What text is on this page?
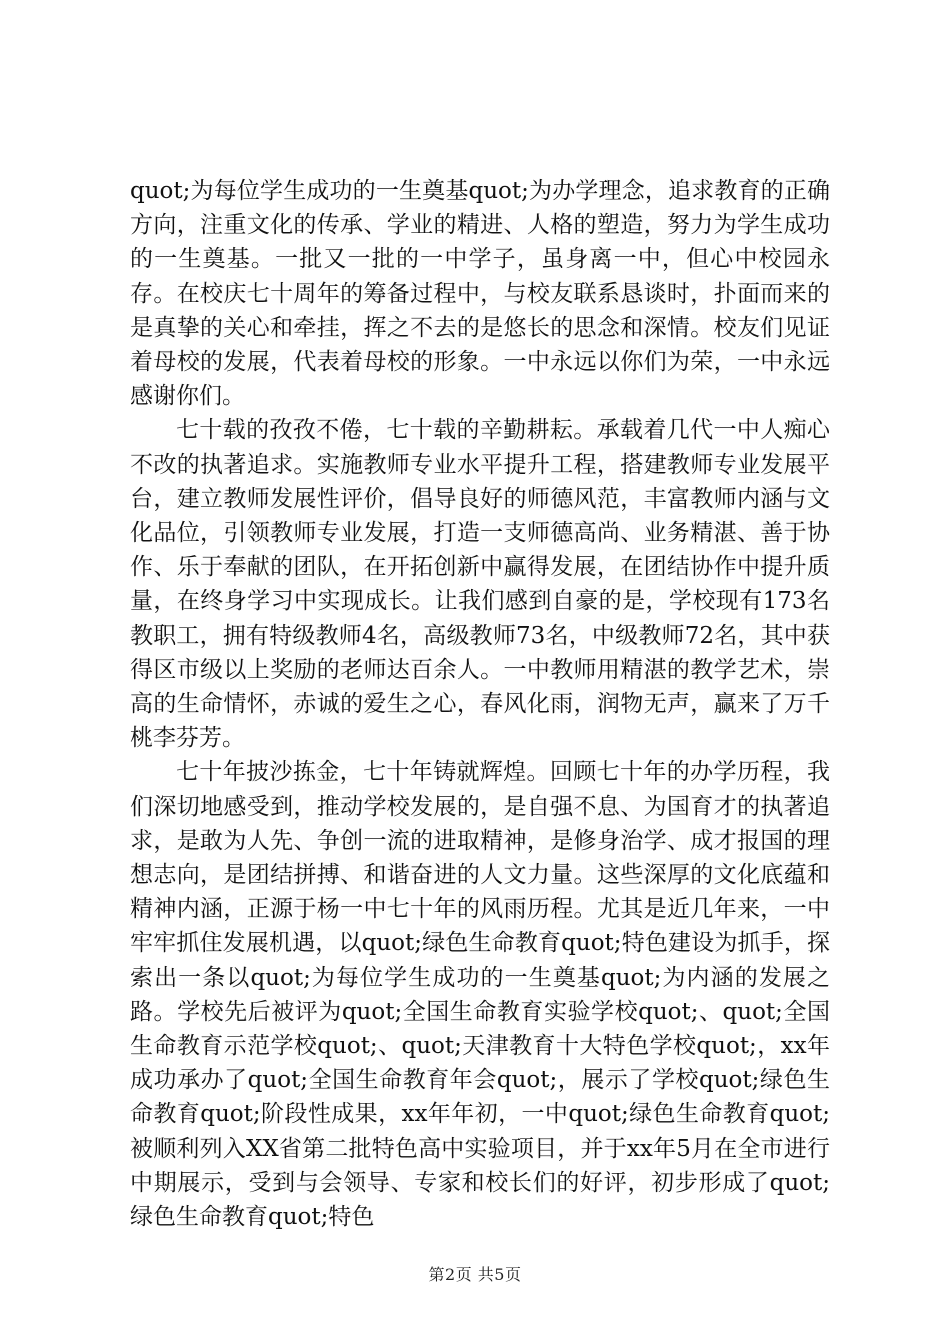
quot;为每位学生成功的一生奠基quot;为办学理念，追求教育的正确方向，注重文化的传承、学业的精进、人格的塑造，努力为学生成功的一生奠基。一批又一批的一中学子，虽身离一中，但心中校园永存。在校庆七十周年的筹备过程中，与校友联系恳谈时，扑面而来的是真挚的关心和牵挂，挥之不去的是悠长的思念和深情。校友们见证着母校的发展，代表着母校的形象。一中永远以你们为荣，一中永远感谢你们。

七十载的孜孜不倦，七十载的辛勤耕耘。承载着几代一中人痴心不改的执著追求。实施教师专业水平提升工程，搭建教师专业发展平台，建立教师发展性评价，倡导良好的师德风范，丰富教师内涵与文化品位，引领教师专业发展，打造一支师德高尚、业务精湛、善于协作、乐于奉献的团队，在开拓创新中赢得发展，在团结协作中提升质量，在终身学习中实现成长。让我们感到自豪的是，学校现有173名教职工，拥有特级教师4名，高级教师73名，中级教师72名，其中获得区市级以上奖励的老师达百余人。一中教师用精湛的教学艺术，崇高的生命情怀，赤诚的爱生之心，春风化雨，润物无声，赢来了万千桃李芬芳。

七十年披沙拣金，七十年铸就辉煌。回顾七十年的办学历程，我们深切地感受到，推动学校发展的，是自强不息、为国育才的执著追求，是敢为人先、争创一流的进取精神，是修身治学、成才报国的理想志向，是团结拼搏、和谐奋进的人文力量。这些深厚的文化底蕴和精神内涵，正源于杨一中七十年的风雨历程。尤其是近几年来，一中牢牢抓住发展机遇，以quot;绿色生命教育quot;特色建设为抓手，探索出一条以quot;为每位学生成功的一生奠基quot;为内涵的发展之路。学校先后被评为quot;全国生命教育实验学校quot;、quot;全国生命教育示范学校quot;、quot;天津教育十大特色学校quot;，xx年成功承办了quot;全国生命教育年会quot;，展示了学校quot;绿色生命教育quot;阶段性成果，xx年年初，一中quot;绿色生命教育quot;被顺利列入XX省第二批特色高中实验项目，并于xx年5月在全市进行中期展示，受到与会领导、专家和校长们的好评，初步形成了quot;绿色生命教育quot;特色

第2页 共5页
